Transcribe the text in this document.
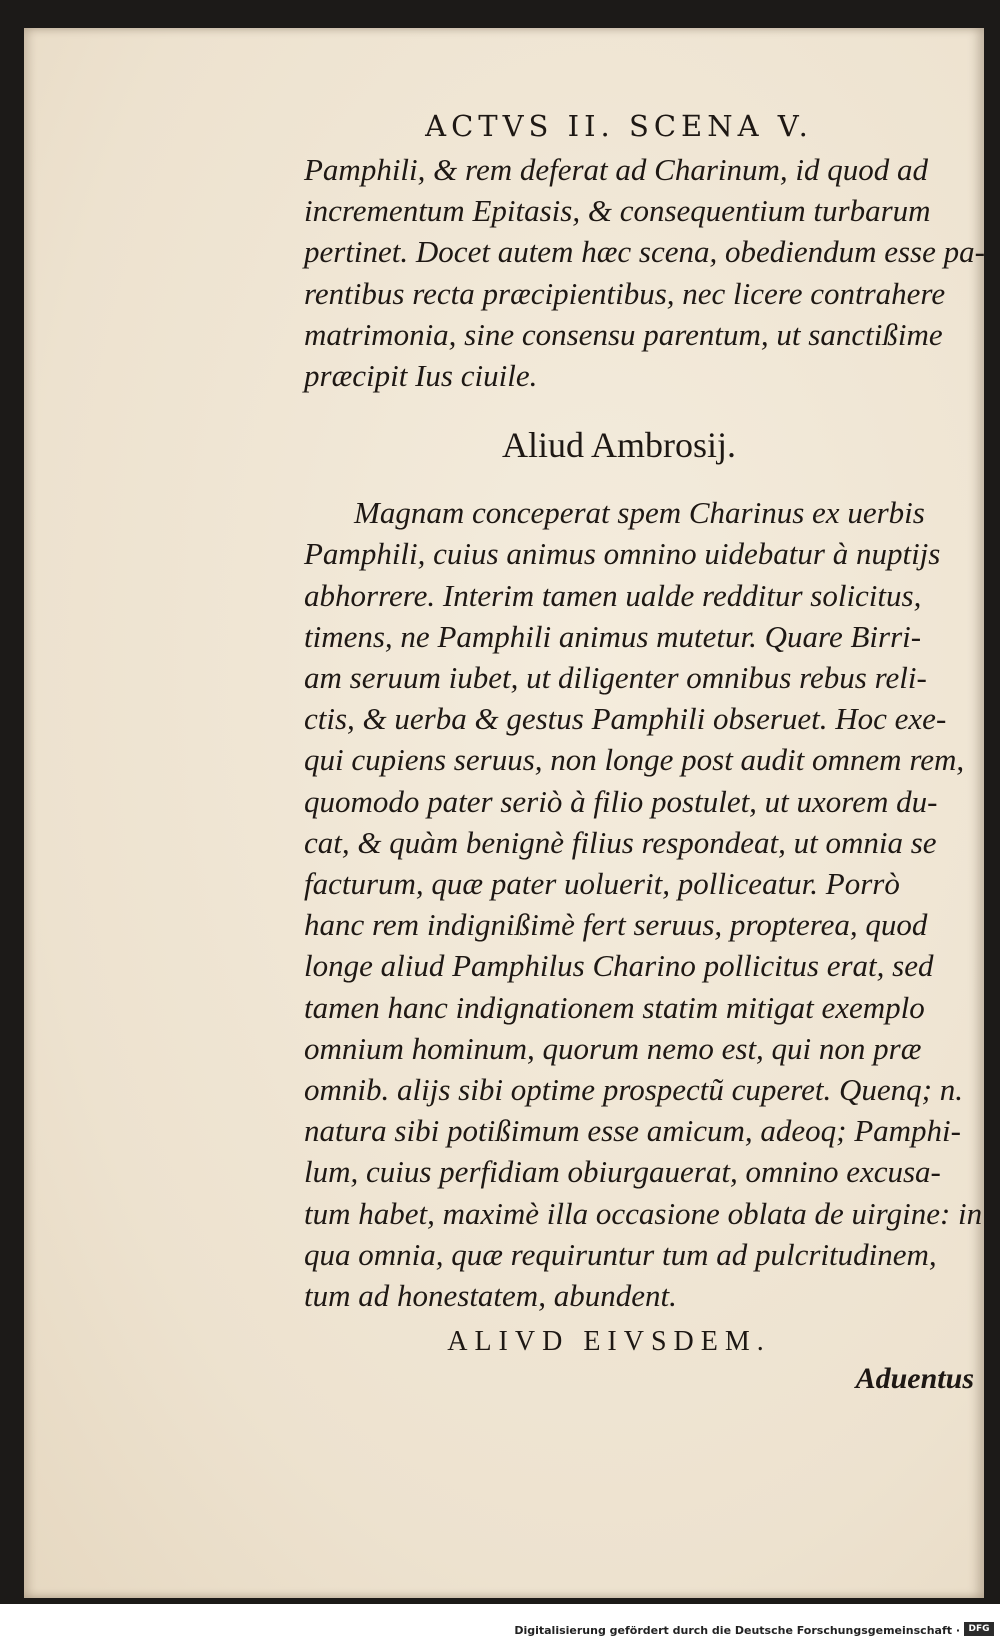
ACTVS II. SCENA V.

Pamphili, & rem deferat ad Charinum, id quod ad
incrementum Epitasis, & consequentium turbarum
pertinet. Docet autem hæc scena, obediendum esse pa-
rentibus recta præcipientibus, nec licere contrahere
matrimonia, sine consensu parentum, ut sanctißime
præcipit Ius ciuile.

Aliud Ambrosij.

Magnam conceperat spem Charinus ex uerbis
Pamphili, cuius animus omnino uidebatur à nuptijs
abhorrere. Interim tamen ualde redditur solicitus,
timens, ne Pamphili animus mutetur. Quare Birri-
am seruum iubet, ut diligenter omnibus rebus reli-
ctis, & uerba & gestus Pamphili obseruet. Hoc exe-
qui cupiens seruus, non longe post audit omnem rem,
quomodo pater seriò à filio postulet, ut uxorem du-
cat, & quàm benignè filius respondeat, ut omnia se
facturum, quæ pater uoluerit, polliceatur. Porrò
hanc rem indignißimè fert seruus, propterea, quod
longe aliud Pamphilus Charino pollicitus erat, sed
tamen hanc indignationem statim mitigat exemplo
omnium hominum, quorum nemo est, qui non præ
omnib. alijs sibi optime prospectũ cuperet. Quenq; n.
natura sibi potißimum esse amicum, adeoq; Pamphi-
lum, cuius perfidiam obiurgauerat, omnino excusa-
tum habet, maximè illa occasione oblata de uirgine: in
qua omnia, quæ requiruntur tum ad pulcritudinem,
tum ad honestatem, abundent.

ALIVD EIVSDEM.
Aduentus
Digitalisierung gefördert durch die Deutsche Forschungsgemeinschaft · DFG
